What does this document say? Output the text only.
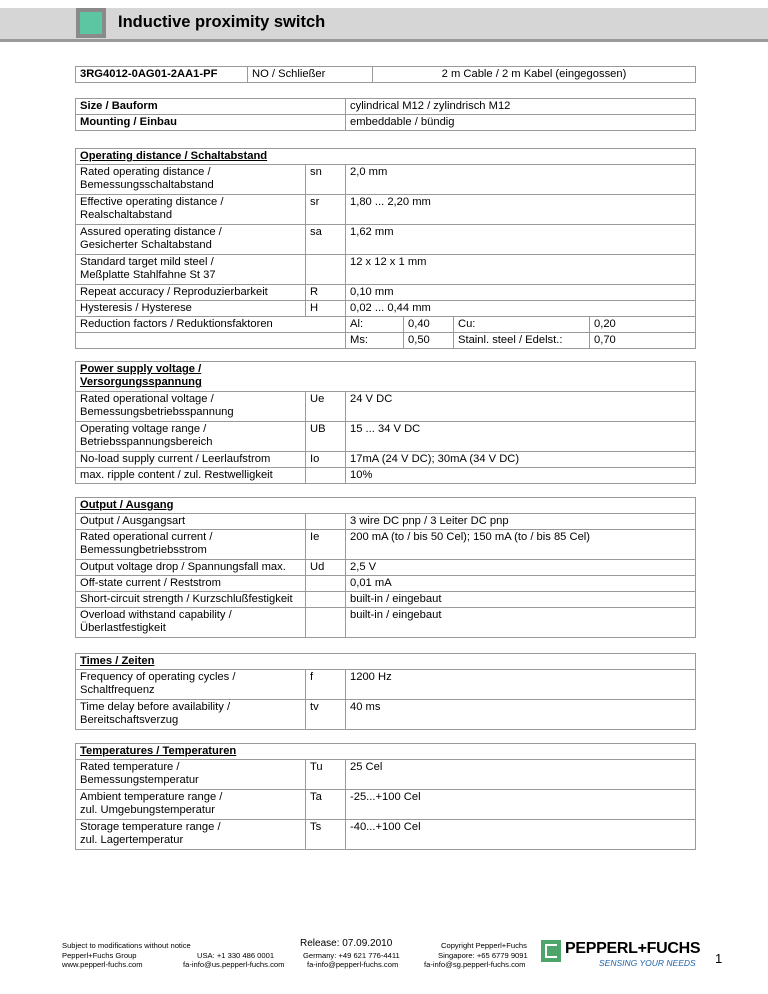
Inductive proximity switch
3RG4012-0AG01-2AA1-PF	NO / Schließer	2 m Cable / 2 m Kabel (eingegossen)
Size / Bauform	cylindrical M12 / zylindrisch M12
Mounting / Einbau	embeddable / bündig
Operating distance / Schaltabstand					
Rated operating distance /
Bemessungsschaltabstand	sn	2,0 mm			
Effective operating distance /
Realschaltabstand	sr	1,80 ... 2,20 mm			
Assured operating distance /
Gesicherter Schaltabstand	sa	1,62 mm			
Standard target mild steel /
Meßplatte Stahlfahne St 37		12 x 12 x 1 mm			
Repeat accuracy / Reproduzierbarkeit	R	0,10 mm			
Hysteresis / Hysterese	H	0,02 ... 0,44 mm			
Reduction factors / Reduktionsfaktoren		Al:	0,40	Cu:	0,20
		Ms:	0,50	Stainl. steel / Edelst.:	0,70
Power supply voltage /
Versorgungsspannung		
Rated operational voltage /
Bemessungsbetriebsspannung	Ue	24 V DC
Operating voltage range /
Betriebsspannungsbereich	UB	15 ... 34 V DC
No-load supply current / Leerlaufstrom	Io	17mA (24 V DC); 30mA (34 V DC)
max. ripple content / zul. Restwelligkeit		10%
Output / Ausgang		
Output / Ausgangsart		3 wire DC pnp / 3 Leiter DC pnp
Rated operational current /
Bemessungbetriebsstrom	Ie	200 mA (to / bis 50 Cel); 150 mA (to / bis 85 Cel)
Output voltage drop / Spannungsfall max.	Ud	2,5 V
Off-state current / Reststrom		0,01 mA
Short-circuit strength / Kurzschlußfestigkeit		built-in / eingebaut
Overload withstand capability /
Überlastfestigkeit		built-in / eingebaut
Times / Zeiten		
Frequency of operating cycles /
Schaltfrequenz	f	1200 Hz
Time delay before availability /
Bereitschaftsverzug	tv	40 ms
Temperatures / Temperaturen		
Rated temperature /
Bemessungstemperatur	Tu	25 Cel
Ambient temperature range /
zul. Umgebungstemperatur	Ta	-25...+100 Cel
Storage temperature range /
zul. Lagertemperatur	Ts	-40...+100 Cel
Subject to modifications without notice	Release: 07.09.2010	Copyright Pepperl+Fuchs
Pepperl+Fuchs Group
www.pepperl-fuchs.com
USA: +1 330 486 0001
fa-info@us.pepperl-fuchs.com
Germany: +49 621 776-4411
fa-info@pepperl-fuchs.com
Singapore: +65 6779 9091
fa-info@sg.pepperl-fuchs.com
PEPPERL+FUCHS
SENSING YOUR NEEDS 1
